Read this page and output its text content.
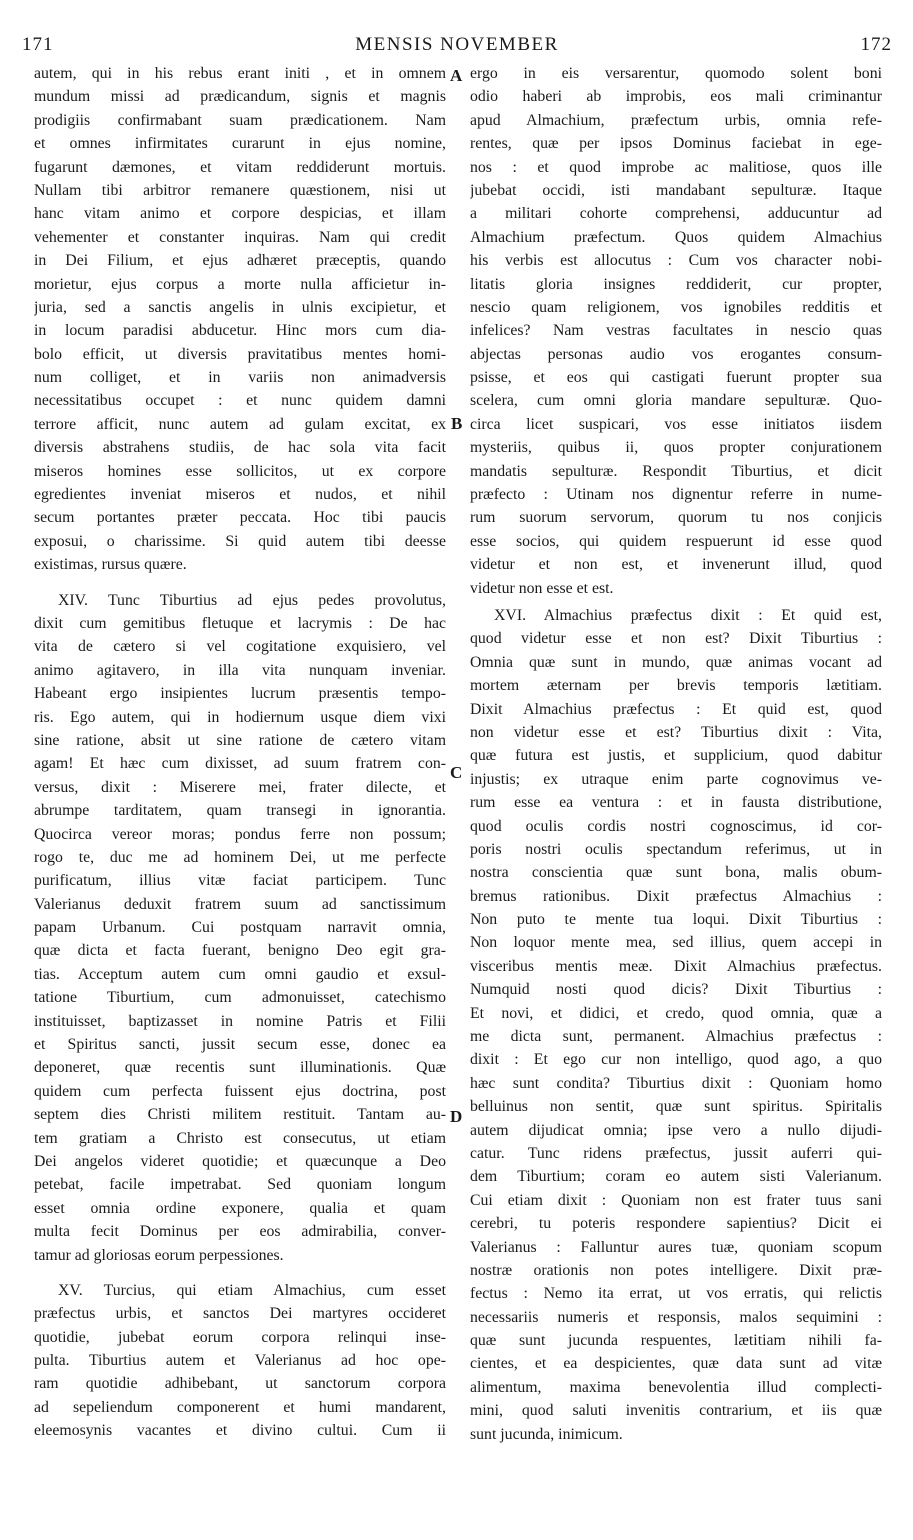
171	MENSIS NOVEMBER	172
autem, qui in his rebus erant initi , et in omnem
mundum missi ad prædicandum, signis et magnis
prodigiis confirmabant suam prædicationem. Nam
et omnes infirmitates curarunt in ejus nomine,
fugarunt dæmones, et vitam reddiderunt mortuis.
Nullam tibi arbitror remanere quæstionem, nisi ut
hanc vitam animo et corpore despicias, et illam
vehementer et constanter inquiras. Nam qui credit
in Dei Filium, et ejus adhæret præceptis, quando
morietur, ejus corpus a morte nulla afficietur in-
juria, sed a sanctis angelis in ulnis excipietur, et
in locum paradisi abducetur. Hinc mors cum dia-
bolo efficit, ut diversis pravitatibus mentes homi-
num colliget, et in variis non animadversis
necessitatibus occupet : et nunc quidem damni
terrore afficit, nunc autem ad gulam excitat, ex
diversis abstrahens studiis, de hac sola vita facit
miseros homines esse sollicitos, ut ex corpore
egredientes inveniat miseros et nudos, et nihil
secum portantes præter peccata. Hoc tibi paucis
exposui, o charissime. Si quid autem tibi deesse
existimas, rursus quære.
XIV. Tunc Tiburtius ad ejus pedes provolutus,
dixit cum gemitibus fletuque et lacrymis : De hac
vita de cætero si vel cogitatione exquisiero, vel
animo agitavero, in illa vita nunquam inveniar.
Habeant ergo insipientes lucrum præsentis tempo-
ris. Ego autem, qui in hodiernum usque diem vixi
sine ratione, absit ut sine ratione de cætero vitam
agam! Et hæc cum dixisset, ad suum fratrem con-
versus, dixit : Miserere mei, frater dilecte, et
abrumpe tarditatem, quam transegi in ignorantia.
Quocirca vereor moras; pondus ferre non possum;
rogo te, duc me ad hominem Dei, ut me perfecte
purificatum, illius vitæ faciat participem. Tunc
Valerianus deduxit fratrem suum ad sanctissimum
papam Urbanum. Cui postquam narravit omnia,
quæ dicta et facta fuerant, benigno Deo egit gra-
tias. Acceptum autem cum omni gaudio et exsul-
tatione Tiburtium, cum admonuisset, catechismo
instituisset, baptizasset in nomine Patris et Filii
et Spiritus sancti, jussit secum esse, donec ea
deponeret, quæ recentis sunt illuminationis. Quæ
quidem cum perfecta fuissent ejus doctrina, post
septem dies Christi militem restituit. Tantam au-
tem gratiam a Christo est consecutus, ut etiam
Dei angelos videret quotidie; et quæcunque a Deo
petebat, facile impetrabat. Sed quoniam longum
esset omnia ordine exponere, qualia et quam
multa fecit Dominus per eos admirabilia, conver-
tamur ad gloriosas eorum perpessiones.
XV. Turcius, qui etiam Almachius, cum esset
præfectus urbis, et sanctos Dei martyres occideret
quotidie, jubebat eorum corpora relinqui inse-
pulta. Tiburtius autem et Valerianus ad hoc ope-
ram quotidie adhibebant, ut sanctorum corpora
ad sepeliendum componerent et humi mandarent,
eleemosynis vacantes et divino cultui. Cum ii
ergo in eis versarentur, quomodo solent boni
odio haberi ab improbis, eos mali criminantur
apud Almachium, præfectum urbis, omnia refe-
rentes, quæ per ipsos Dominus faciebat in ege-
nos : et quod improbe ac malitiose, quos ille
jubebat occidi, isti mandabant sepulturæ. Itaque
a militari cohorte comprehensi, adducuntur ad
Almachium præfectum. Quos quidem Almachius
his verbis est allocutus : Cum vos character nobi-
litatis gloria insignes reddiderit, cur propter,
nescio quam religionem, vos ignobiles redditis et
infelices? Nam vestras facultates in nescio quas
abjectas personas audio vos erogantes consum-
psisse, et eos qui castigati fuerunt propter sua
scelera, cum omni gloria mandare sepulturæ. Quo-
circa licet suspicari, vos esse initiatos iisdem
mysteriis, quibus ii, quos propter conjurationem
mandatis sepulturæ. Respondit Tiburtius, et dicit
præfecto : Utinam nos dignentur referre in nume-
rum suorum servorum, quorum tu nos conjicis
esse socios, qui quidem respuerunt id esse quod
videtur et non est, et invenerunt illud, quod
videtur non esse et est.
XVI. Almachius præfectus dixit : Et quid est,
quod videtur esse et non est? Dixit Tiburtius :
Omnia quæ sunt in mundo, quæ animas vocant ad
mortem æternam per brevis temporis lætitiam.
Dixit Almachius præfectus : Et quid est, quod
non videtur esse et est? Tiburtius dixit : Vita,
quæ futura est justis, et supplicium, quod dabitur
injustis; ex utraque enim parte cognovimus ve-
rum esse ea ventura : et in fausta distributione,
quod oculis cordis nostri cognoscimus, id cor-
poris nostri oculis spectandum referimus, ut in
nostra conscientia quæ sunt bona, malis obum-
bremus rationibus. Dixit præfectus Almachius :
Non puto te mente tua loqui. Dixit Tiburtius :
Non loquor mente mea, sed illius, quem accepi in
visceribus mentis meæ. Dixit Almachius præfectus.
Numquid nosti quod dicis? Dixit Tiburtius :
Et novi, et didici, et credo, quod omnia, quæ a
me dicta sunt, permanent. Almachius præfectus :
dixit : Et ego cur non intelligo, quod ago, a quo
hæc sunt condita? Tiburtius dixit : Quoniam homo
belluinus non sentit, quæ sunt spiritus. Spiritalis
autem dijudicat omnia; ipse vero a nullo dijudi-
catur. Tunc ridens præfectus, jussit auferri qui-
dem Tiburtium; coram eo autem sisti Valerianum.
Cui etiam dixit : Quoniam non est frater tuus sani
cerebri, tu poteris respondere sapientius? Dicit ei
Valerianus : Falluntur aures tuæ, quoniam scopum
nostræ orationis non potes intelligere. Dixit præ-
fectus : Nemo ita errat, ut vos erratis, qui relictis
necessariis numeris et responsis, malos sequimini :
quæ sunt jucunda respuentes, lætitiam nihili fa-
cientes, et ea despicientes, quæ data sunt ad vitæ
alimentum, maxima benevolentia illud complecti-
mini, quod saluti invenitis contrarium, et iis quæ
sunt jucunda, inimicum.
A
B
C
D
